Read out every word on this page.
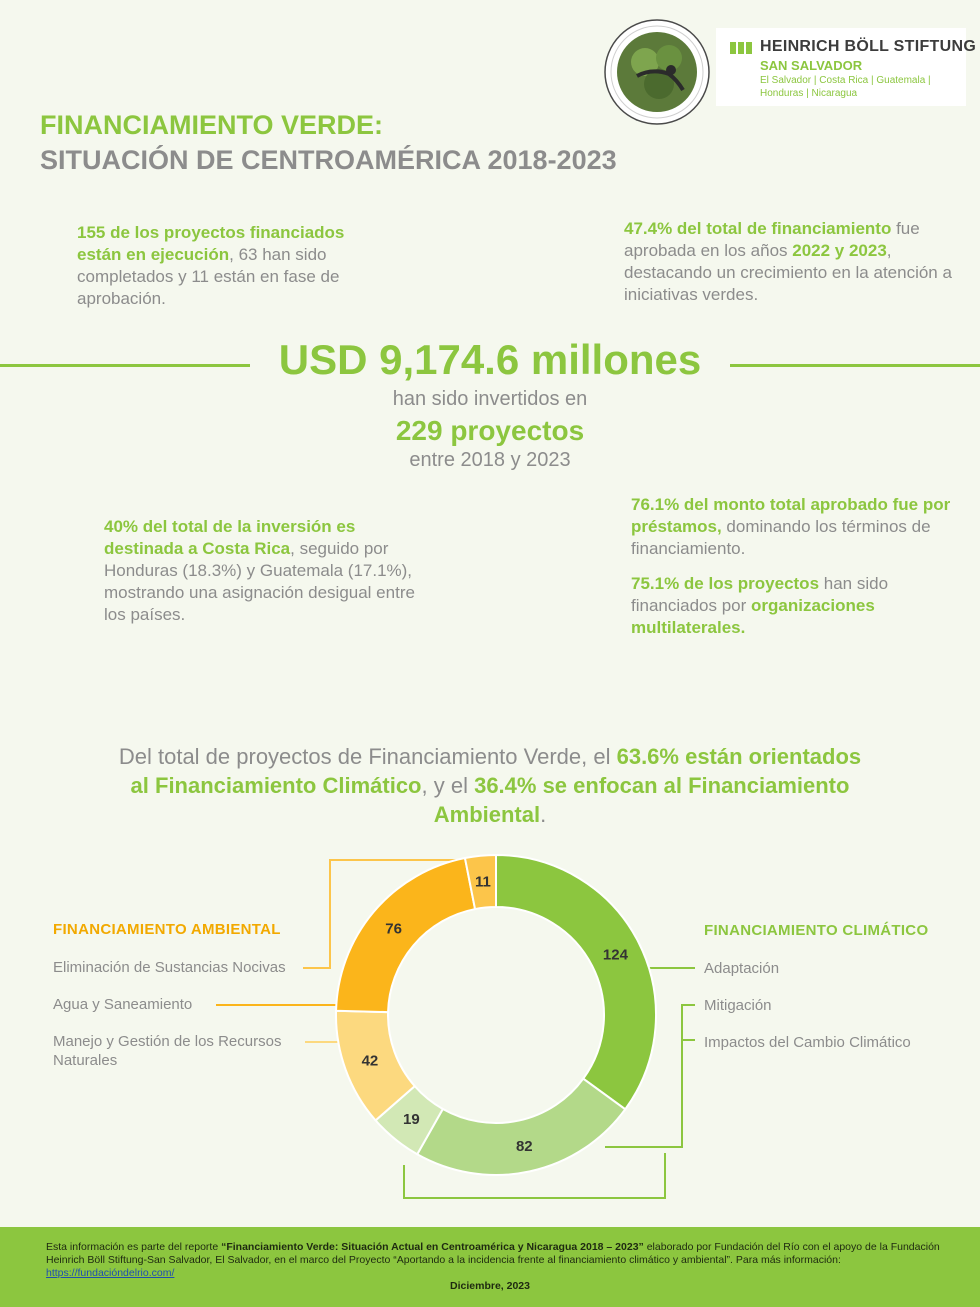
HEINRICH BÖLL STIFTUNG
SAN SALVADOR
El Salvador | Costa Rica | Guatemala | Honduras | Nicaragua
FINANCIAMIENTO VERDE:
SITUACIÓN DE CENTROAMÉRICA 2018-2023
155 de los proyectos financiados están en ejecución, 63 han sido completados y 11 están en fase de aprobación.
47.4% del total de financiamiento fue aprobada en los años 2022 y 2023, destacando un crecimiento en la atención a iniciativas verdes.
USD 9,174.6 millones
han sido invertidos en
229 proyectos
entre 2018 y 2023
40% del total de la inversión es destinada a Costa Rica, seguido por Honduras (18.3%) y Guatemala (17.1%), mostrando una asignación desigual entre los países.
76.1% del monto total aprobado fue por préstamos, dominando los términos de financiamiento.
75.1% de los proyectos han sido financiados por organizaciones multilaterales.
Del total de proyectos de Financiamiento Verde, el 63.6% están orientados al Financiamiento Climático, y el 36.4% se enfocan al Financiamiento Ambiental.
124
82
19
42
76
11
FINANCIAMIENTO AMBIENTAL
Eliminación de Sustancias Nocivas
Agua y Saneamiento
Manejo y Gestión de los Recursos Naturales
FINANCIAMIENTO CLIMÁTICO
Adaptación
Mitigación
Impactos del Cambio Climático
Esta información es parte del reporte “Financiamiento Verde: Situación Actual en Centroamérica y Nicaragua 2018 – 2023” elaborado por Fundación del Río con el apoyo de la Fundación Heinrich Böll Stiftung-San Salvador, El Salvador, en el marco del Proyecto “Aportando a la incidencia frente al financiamiento climático y ambiental”. Para más información: https://fundacióndelrio.com/
Diciembre, 2023
